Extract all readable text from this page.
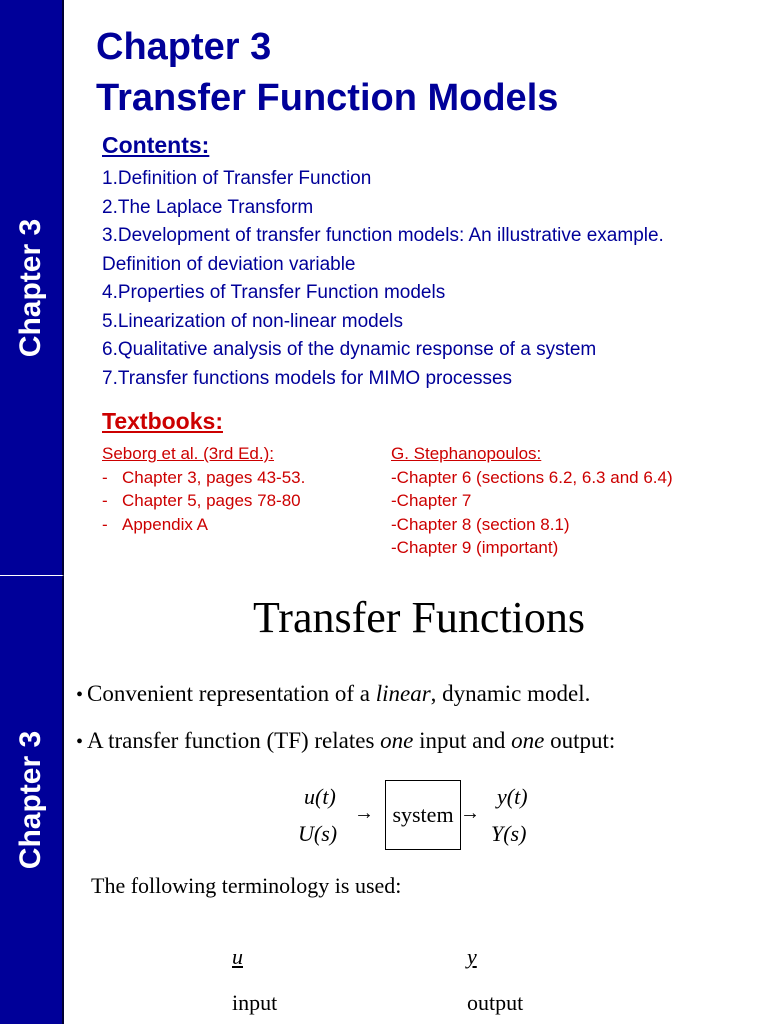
Chapter 3
Chapter 3
Transfer Function Models
Contents:
1.Definition of Transfer Function
2.The Laplace Transform
3.Development of transfer function models: An illustrative example.
Definition of deviation variable
4.Properties of Transfer Function models
5.Linearization of non-linear models
6.Qualitative analysis of the dynamic response of a system
7.Transfer functions models for MIMO processes
Textbooks:
Seborg et al. (3rd Ed.):
- Chapter 3, pages 43-53.
- Chapter 5, pages 78-80
- Appendix A
G. Stephanopoulos:
-Chapter 6 (sections 6.2, 6.3 and 6.4)
-Chapter 7
-Chapter 8 (section 8.1)
-Chapter 9 (important)
Chapter 3
Transfer Functions
• Convenient representation of a linear, dynamic model.
• A transfer function (TF) relates one input and one output:
u(t)
U(s)
→ system →
y(t)
Y(s)
The following terminology is used:
u	y
input	output
